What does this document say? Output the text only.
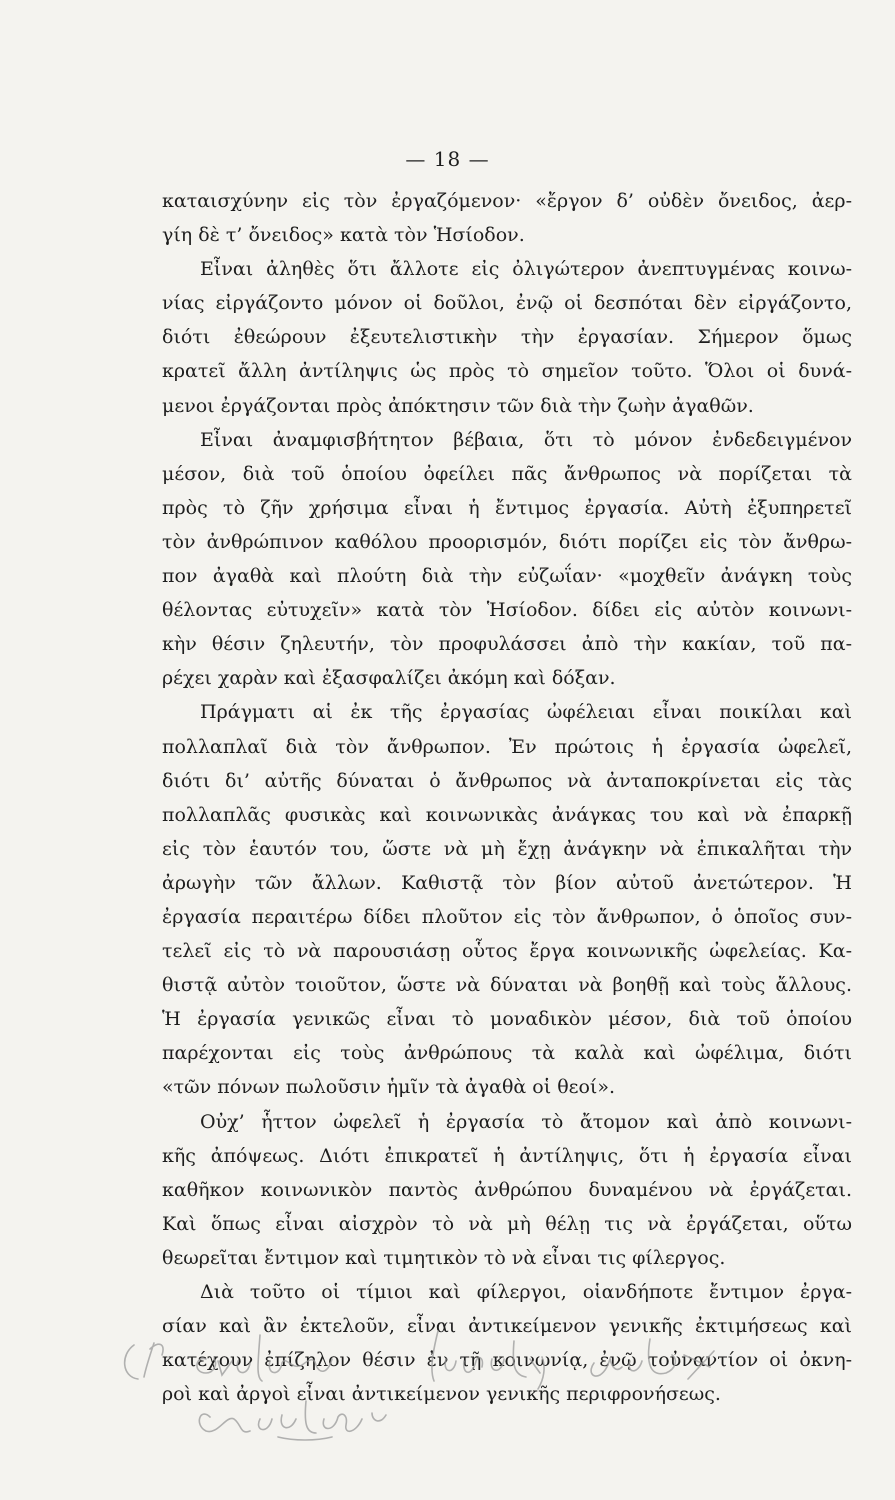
— 18 —
καταισχύνην εἰς τὸν ἐργαζόμενον· «ἔργον δ’ οὐδὲν ὄνειδος, ἀερ-
γίη δὲ τ’ ὄνειδος» κατὰ τὸν Ἡσίοδον.
Εἶναι ἀληθὲς ὅτι ἄλλοτε εἰς ὀλιγώτερον ἀνεπτυγμένας κοινω-
νίας εἰργάζοντο μόνον οἱ δοῦλοι, ἐνῷ οἱ δεσπόται δὲν εἰργάζοντο,
διότι ἐθεώρουν ἐξευτελιστικὴν τὴν ἐργασίαν. Σήμερον ὅμως
κρατεῖ ἄλλη ἀντίληψις ὡς πρὸς τὸ σημεῖον τοῦτο. Ὅλοι οἱ δυνά-
μενοι ἐργάζονται πρὸς ἀπόκτησιν τῶν διὰ τὴν ζωὴν ἀγαθῶν.
Εἶναι ἀναμφισβήτητον βέβαια, ὅτι τὸ μόνον ἐνδεδειγμένον
μέσον, διὰ τοῦ ὁποίου ὀφείλει πᾶς ἄνθρωπος νὰ πορίζεται τὰ
πρὸς τὸ ζῆν χρήσιμα εἶναι ἡ ἔντιμος ἐργασία. Αὐτὴ ἐξυπηρετεῖ
τὸν ἀνθρώπινον καθόλου προορισμόν, διότι πορίζει εἰς τὸν ἄνθρω-
πον ἀγαθὰ καὶ πλούτη διὰ τὴν εὐζωΐαν· «μοχθεῖν ἀνάγκη τοὺς
θέλοντας εὐτυχεῖν» κατὰ τὸν Ἡσίοδον. δίδει εἰς αὐτὸν κοινωνι-
κὴν θέσιν ζηλευτήν, τὸν προφυλάσσει ἀπὸ τὴν κακίαν, τοῦ πα-
ρέχει χαρὰν καὶ ἐξασφαλίζει ἀκόμη καὶ δόξαν.
Πράγματι αἱ ἐκ τῆς ἐργασίας ὠφέλειαι εἶναι ποικίλαι καὶ
πολλαπλαῖ διὰ τὸν ἄνθρωπον. Ἐν πρώτοις ἡ ἐργασία ὠφελεῖ,
διότι δι’ αὐτῆς δύναται ὁ ἄνθρωπος νὰ ἀνταποκρίνεται εἰς τὰς
πολλαπλᾶς φυσικὰς καὶ κοινωνικὰς ἀνάγκας του καὶ νὰ ἐπαρκῇ
εἰς τὸν ἑαυτόν του, ὥστε νὰ μὴ ἔχῃ ἀνάγκην νὰ ἐπικαλῆται τὴν
ἀρωγὴν τῶν ἄλλων. Καθιστᾷ τὸν βίον αὐτοῦ ἀνετώτερον. Ἡ
ἐργασία περαιτέρω δίδει πλοῦτον εἰς τὸν ἄνθρωπον, ὁ ὁποῖος συν-
τελεῖ εἰς τὸ νὰ παρουσιάσῃ οὗτος ἔργα κοινωνικῆς ὠφελείας. Κα-
θιστᾷ αὐτὸν τοιοῦτον, ὥστε νὰ δύναται νὰ βοηθῇ καὶ τοὺς ἄλλους.
Ἡ ἐργασία γενικῶς εἶναι τὸ μοναδικὸν μέσον, διὰ τοῦ ὁποίου
παρέχονται εἰς τοὺς ἀνθρώπους τὰ καλὰ καὶ ὠφέλιμα, διότι
«τῶν πόνων πωλοῦσιν ἡμῖν τὰ ἀγαθὰ οἱ θεοί».
Οὐχ’ ἧττον ὠφελεῖ ἡ ἐργασία τὸ ἄτομον καὶ ἀπὸ κοινωνι-
κῆς ἀπόψεως. Διότι ἐπικρατεῖ ἡ ἀντίληψις, ὅτι ἡ ἐργασία εἶναι
καθῆκον κοινωνικὸν παντὸς ἀνθρώπου δυναμένου νὰ ἐργάζεται.
Καὶ ὅπως εἶναι αἰσχρὸν τὸ νὰ μὴ θέλῃ τις νὰ ἐργάζεται, οὕτω
θεωρεῖται ἔντιμον καὶ τιμητικὸν τὸ νὰ εἶναι τις φίλεργος.
Διὰ τοῦτο οἱ τίμιοι καὶ φίλεργοι, οἱανδήποτε ἔντιμον ἐργα-
σίαν καὶ ἂν ἐκτελοῦν, εἶναι ἀντικείμενον γενικῆς ἐκτιμήσεως καὶ
κατέχουν ἐπίζηλον θέσιν ἐν τῇ κοινωνίᾳ, ἐνῷ τοὐναντίον οἱ ὀκνη-
ροὶ καὶ ἀργοὶ εἶναι ἀντικείμενον γενικῆς περιφρονήσεως.
